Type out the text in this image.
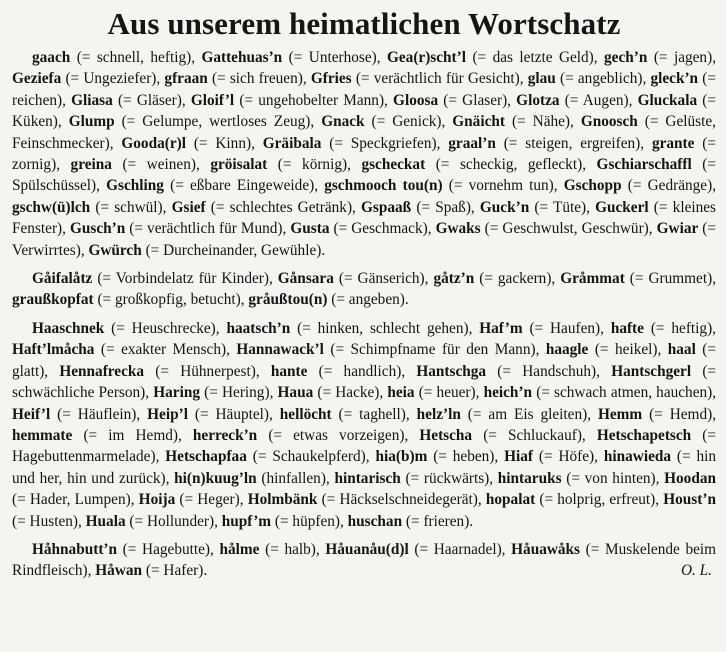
Aus unserem heimatlichen Wortschatz

gaach (= schnell, heftig), Gattehuas’n (= Unterhose), Gea(r)scht’l (= das letzte Geld), gech’n (= jagen), Geziefa (= Ungeziefer), gfraan (= sich freuen), Gfries (= verächtlich für Gesicht), glau (= angeblich), gleck’n (= reichen), Gliasa (= Gläser), Gloif’l (= ungehobelter Mann), Gloosa (= Glaser), Glotza (= Augen), Gluckala (= Küken), Glump (= Gelumpe, wertloses Zeug), Gnack (= Genick), Gnäicht (= Nähe), Gnoosch (= Gelüste, Feinschmecker), Gooda(r)l (= Kinn), Gräibala (= Speckgriefen), graal’n (= steigen, ergreifen), grante (= zornig), greina (= weinen), gröisalat (= körnig), gscheckat (= scheckig, gefleckt), Gschiarschaffl (= Spülschüssel), Gschling (= eßbare Eingeweide), gschmooch tou(n) (= vornehm tun), Gschopp (= Gedränge), gschw(ü)lch (= schwül), Gsief (= schlechtes Getränk), Gspaaß (= Spaß), Guck’n (= Tüte), Guckerl (= kleines Fenster), Gusch’n (= verächtlich für Mund), Gusta (= Geschmack), Gwaks (= Geschwulst, Geschwür), Gwiar (= Verwirrtes), Gwürch (= Durcheinander, Gewühle).

Gåifalåtz (= Vorbindelatz für Kinder), Gånsara (= Gänserich), gåtz’n (= gackern), Gråmmat (= Grummet), graußkopfat (= großkopfig, betucht), gråußtou(n) (= angeben).

Haaschnek (= Heuschrecke), haatsch’n (= hinken, schlecht gehen), Haf’m (= Haufen), hafte (= heftig), Haft’lmåcha (= exakter Mensch), Hannawack’l (= Schimpfname für den Mann), haagle (= heikel), haal (= glatt), Hennafrecka (= Hühnerpest), hante (= handlich), Hantschga (= Handschuh), Hantschgerl (= schwächliche Person), Haring (= Hering), Haua (= Hacke), heia (= heuer), heich’n (= schwach atmen, hauchen), Heif’l (= Häuflein), Heip’l (= Häuptel), hellöcht (= taghell), helz’ln (= am Eis gleiten), Hemm (= Hemd), hemmate (= im Hemd), herreck’n (= etwas vorzeigen), Hetscha (= Schluckauf), Hetschapetsch (= Hagebuttenmarmelade), Hetschapfaa (= Schaukelpferd), hia(b)m (= heben), Hiaf (= Höfe), hinawieda (= hin und her, hin und zurück), hi(n)kuug’ln (hinfallen), hintarisch (= rückwärts), hintaruks (= von hinten), Hoodan (= Hader, Lumpen), Hoija (= Heger), Holmbänk (= Häckselschneidegerät), hopalat (= holprig, erfreut), Houst’n (= Husten), Huala (= Hollunder), hupf’m (= hüpfen), huschan (= frieren).

Håhnabutt’n (= Hagebutte), hålme (= halb), Håuanåu(d)l (= Haarnadel), Håuawåks (= Muskelende beim Rindfleisch), Håwan (= Hafer).	O. L.
